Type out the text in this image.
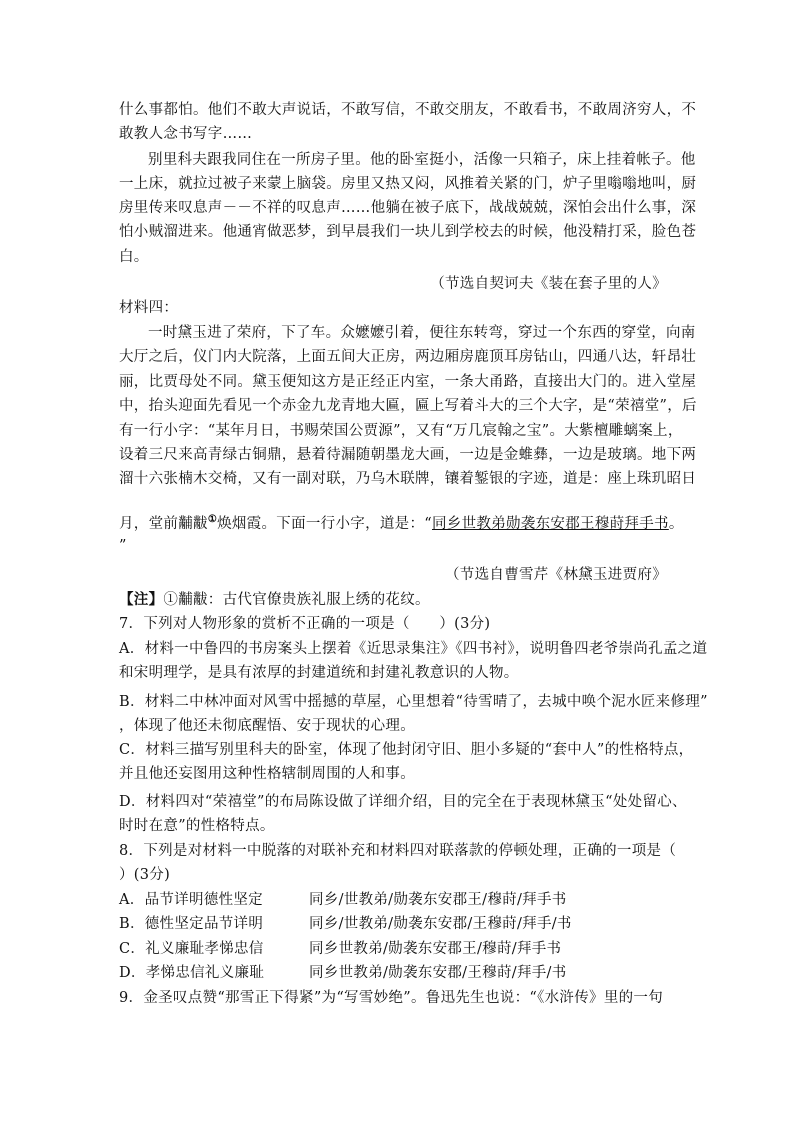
什么事都怕。他们不敢大声说话，不敢写信，不敢交朋友，不敢看书，不敢周济穷人，不
敢教人念书写字……
别里科夫跟我同住在一所房子里。他的卧室挺小，活像一只箱子，床上挂着帐子。他
一上床，就拉过被子来蒙上脑袋。房里又热又闷，风推着关紧的门，炉子里嗡嗡地叫，厨
房里传来叹息声－－不祥的叹息声……他躺在被子底下，战战兢兢，深怕会出什么事，深
怕小贼溜进来。他通宵做恶梦，到早晨我们一块儿到学校去的时候，他没精打采，脸色苍
白。
（节选自契诃夫《装在套子里的人》
材料四：
一时黛玉进了荣府，下了车。众嬷嬷引着，便往东转弯，穿过一个东西的穿堂，向南
大厅之后，仪门内大院落，上面五间大正房，两边厢房鹿顶耳房钻山，四通八达，轩昂壮
丽，比贾母处不同。黛玉便知这方是正经正内室，一条大甬路，直接出大门的。进入堂屋
中，抬头迎面先看见一个赤金九龙青地大匾，匾上写着斗大的三个大字，是“荣禧堂”，后
有一行小字：“某年月日，书赐荣国公贾源”，又有“万几宸翰之宝”。大紫檀雕螭案上，
设着三尺来高青绿古铜鼎，悬着待漏随朝墨龙大画，一边是金蜼彝，一边是玻璃。地下两
溜十六张楠木交椅，又有一副对联，乃乌木联牌，镶着錾银的字迹，道是：座上珠玑昭日
月，堂前黼黻①焕烟霞。下面一行小字，道是：“同乡世教弟勋袭东安郡王穆莳拜手书。
”
（节选自曹雪芹《林黛玉进贾府》
【注】①黼黻：古代官僚贵族礼服上绣的花纹。
7．下列对人物形象的赏析不正确的一项是（　　）(3分)
A．材料一中鲁四的书房案头上摆着《近思录集注》《四书衬》，说明鲁四老爷崇尚孔孟之道
和宋明理学，是具有浓厚的封建道统和封建礼教意识的人物。
B．材料二中林冲面对风雪中摇撼的草屋，心里想着“待雪晴了，去城中唤个泥水匠来修理”
，体现了他还未彻底醒悟、安于现状的心理。
C．材料三描写别里科夫的卧室，体现了他封闭守旧、胆小多疑的“套中人”的性格特点，
并且他还妄图用这种性格辖制周围的人和事。
D．材料四对“荣禧堂”的布局陈设做了详细介绍，目的完全在于表现林黛玉“处处留心、
时时在意”的性格特点。
8．下列是对材料一中脱落的对联补充和材料四对联落款的停顿处理，正确的一项是（
）(3分)
A．品节详明德性坚定	同乡/世教弟/勋袭东安郡王/穆莳/拜手书
B．德性坚定品节详明	同乡/世教弟/勋袭东安郡/王穆莳/拜手/书
C．礼义廉耻孝悌忠信	同乡世教弟/勋袭东安郡王/穆莳/拜手书
D．孝悌忠信礼义廉耻	同乡世教弟/勋袭东安郡/王穆莳/拜手/书
9．金圣叹点赞“那雪正下得紧”为“写雪妙绝”。鲁迅先生也说：“《水浒传》里的一句
